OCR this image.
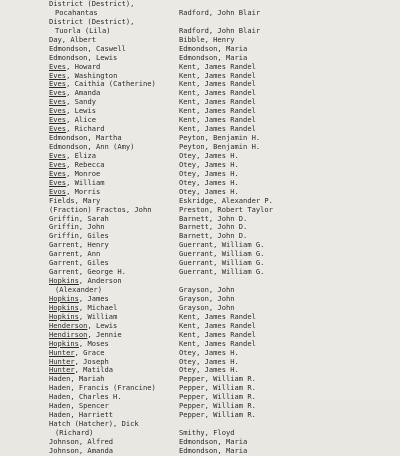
District (Destrict),
Pocahantas	Radford, John Blair
District (Destrict),
Tuorla (Lila)	Radford, John Blair
Day, Albert	Bibble, Henry
Edmondson, Caswell	Edmondson, Maria
Edmondson, Lewis	Edmondson, Maria
Eves, Howard	Kent, James Randel
Eves, Washington	Kent, James Randel
Eves, Caithia (Catherine)	Kent, James Randel
Eves, Amanda	Kent, James Randel
Eves, Sandy	Kent, James Randel
Eves, Lewis	Kent, James Randel
Eves, Alice	Kent, James Randel
Eves, Richard	Kent, James Randel
Edmondson, Martha	Peyton, Benjamin H.
Edmondson, Ann (Amy)	Peyton, Benjamin H.
Eves, Eliza	Otey, James H.
Eves, Rebecca	Otey, James H.
Eves, Monroe	Otey, James H.
Eves, William	Otey, James H.
Evos, Morris	Otey, James H.
Fields, Mary	Eskridge, Alexander P.
(Fraction) Fractos, John	Preston, Robert Taylor
Griffin, Sarah	Barnett, John D.
Griffin, John	Barnett, John D.
Griffin, Giles	Barnett, John D.
Garrent, Henry	Guerrant, William G.
Garrent, Ann	Guerrant, William G.
Garrent, Giles	Guerrant, William G.
Garrent, George H.	Guerrant, William G.
Hopkins, Anderson
(Alexander)	Grayson, John
Hopkins, James	Grayson, John
Hopkins, Michael	Grayson, John
Hopkins, William	Kent, James Randel
Henderson, Lewis	Kent, James Randel
Hendirson, Jennie	Kent, James Randel
Hopkins, Moses	Kent, James Randel
Hunter, Grace	Otey, James H.
Hunter, Joseph	Otey, James H.
Hunter, Matilda	Otey, James H.
Haden, Mariah	Pepper, William R.
Haden, Francis (Francine)	Pepper, William R.
Haden, Charles H.	Pepper, William R.
Haden, Spencer	Pepper, William R.
Haden, Harriett	Pepper, William R.
Hatch (Hatcher), Dick
(Richard)	Smithy, Floyd
Johnson, Alfred	Edmondson, Maria
Johnson, Amanda	Edmondson, Maria
